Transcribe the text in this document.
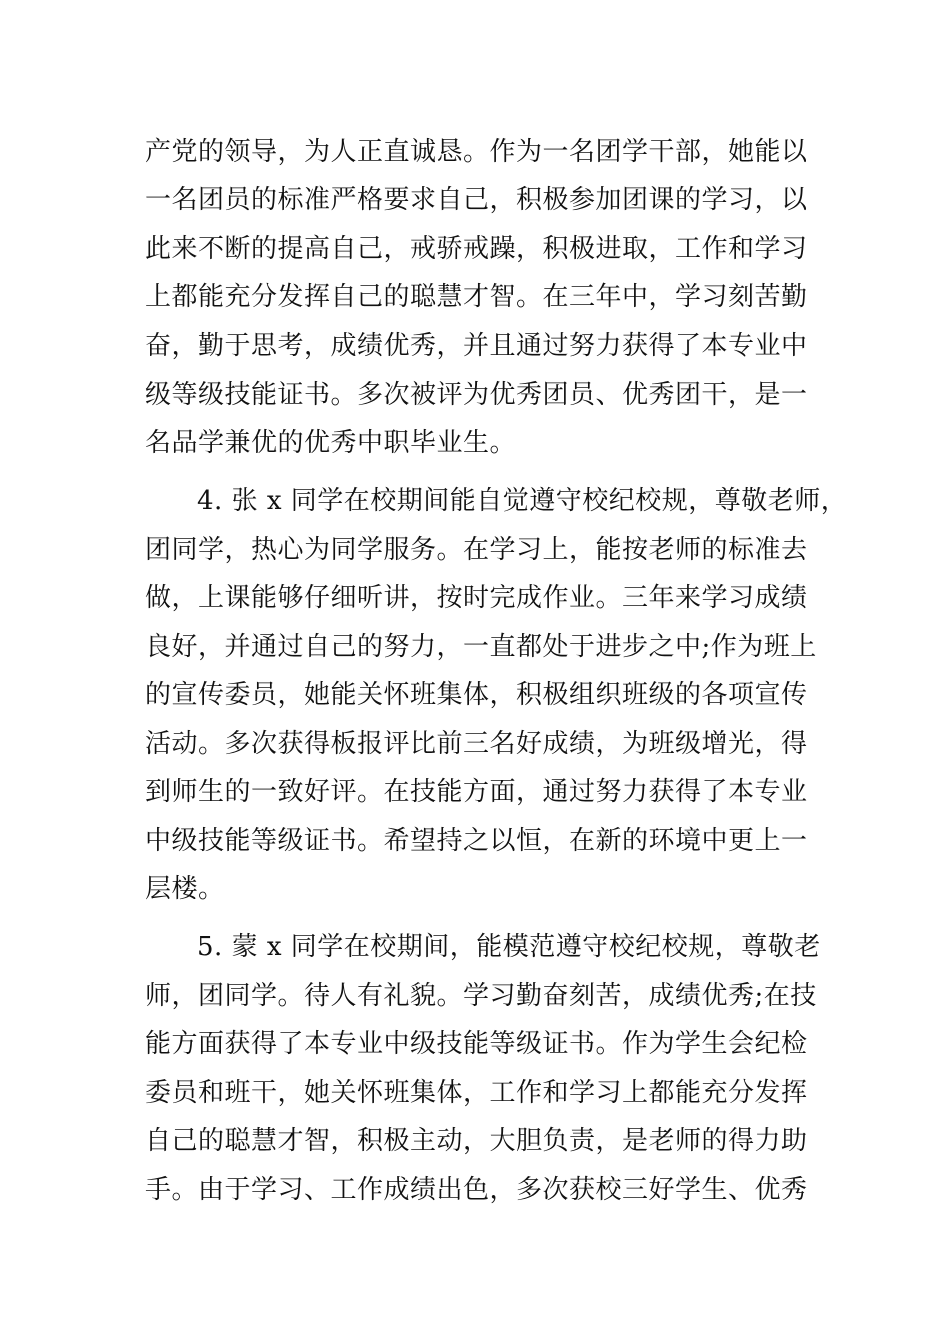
产党的领导，为人正直诚恳。作为一名团学干部，她能以

一名团员的标准严格要求自己，积极参加团课的学习，以

此来不断的提高自己，戒骄戒躁，积极进取，工作和学习

上都能充分发挥自己的聪慧才智。在三年中，学习刻苦勤

奋，勤于思考，成绩优秀，并且通过努力获得了本专业中

级等级技能证书。多次被评为优秀团员、优秀团干，是一

名品学兼优的优秀中职毕业生。

4. 张 x 同学在校期间能自觉遵守校纪校规，尊敬老师，

团同学，热心为同学服务。在学习上，能按老师的标准去

做，上课能够仔细听讲，按时完成作业。三年来学习成绩

良好，并通过自己的努力，一直都处于进步之中;作为班上

的宣传委员，她能关怀班集体，积极组织班级的各项宣传

活动。多次获得板报评比前三名好成绩，为班级增光，得

到师生的一致好评。在技能方面，通过努力获得了本专业

中级技能等级证书。希望持之以恒，在新的环境中更上一

层楼。

5. 蒙 x 同学在校期间，能模范遵守校纪校规，尊敬老

师，团同学。待人有礼貌。学习勤奋刻苦，成绩优秀;在技

能方面获得了本专业中级技能等级证书。作为学生会纪检

委员和班干，她关怀班集体，工作和学习上都能充分发挥

自己的聪慧才智，积极主动，大胆负责，是老师的得力助

手。由于学习、工作成绩出色，多次获校三好学生、优秀
